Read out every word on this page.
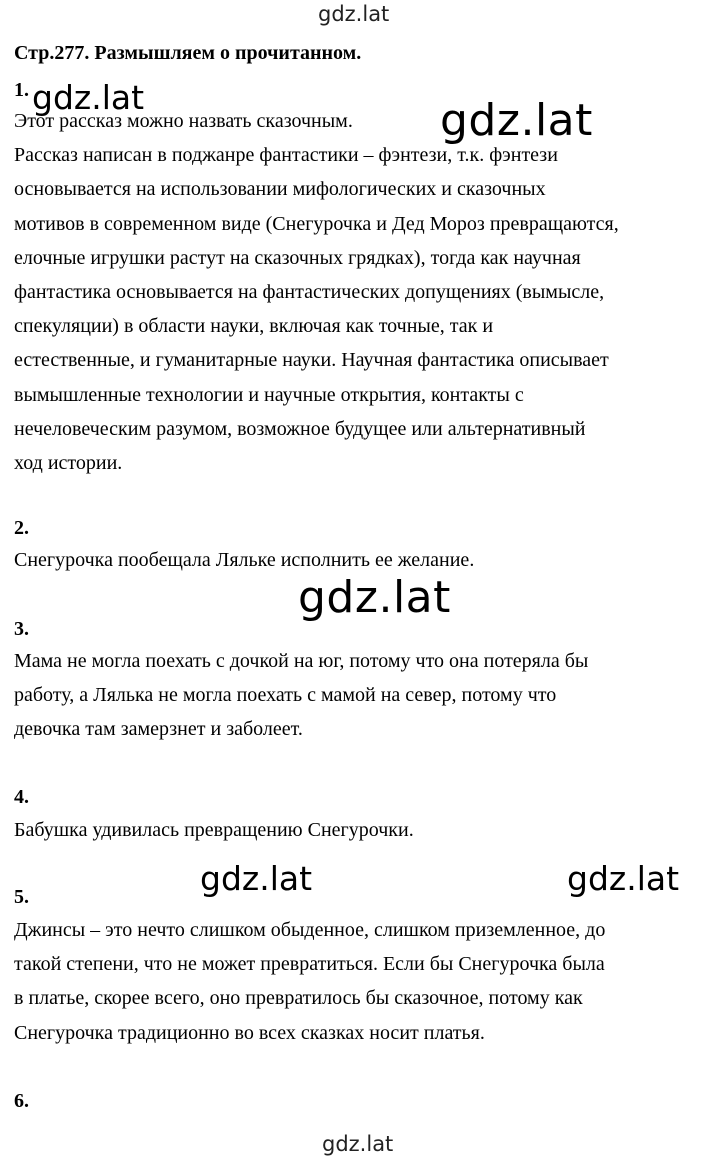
gdz.lat
gdz.lat	gdz.lat
gdz.lat
gdz.lat	gdz.lat
gdz.lat
Стр.277. Размышляем о прочитанном.
1.

Этот рассказ можно назвать сказочным.
Рассказ написан в поджанре фантастики – фэнтези, т.к. фэнтези
основывается на использовании мифологических и сказочных
мотивов в современном виде (Снегурочка и Дед Мороз превращаются,
елочные игрушки растут на сказочных грядках), тогда как научная
фантастика основывается на фантастических допущениях (вымысле,
спекуляции) в области науки, включая как точные, так и
естественные, и гуманитарные науки. Научная фантастика описывает
вымышленные технологии и научные открытия, контакты с
нечеловеческим разумом, возможное будущее или альтернативный
ход истории.

2.

Снегурочка пообещала Ляльке исполнить ее желание.

3.

Мама не могла поехать с дочкой на юг, потому что она потеряла бы
работу, а Лялька не могла поехать с мамой на север, потому что
девочка там замерзнет и заболеет.

4.

Бабушка удивилась превращению Снегурочки.

5.

Джинсы – это нечто слишком обыденное, слишком приземленное, до
такой степени, что не может превратиться. Если бы Снегурочка была
в платье, скорее всего, оно превратилось бы сказочное, потому как
Снегурочка традиционно во всех сказках носит платья.

6.
